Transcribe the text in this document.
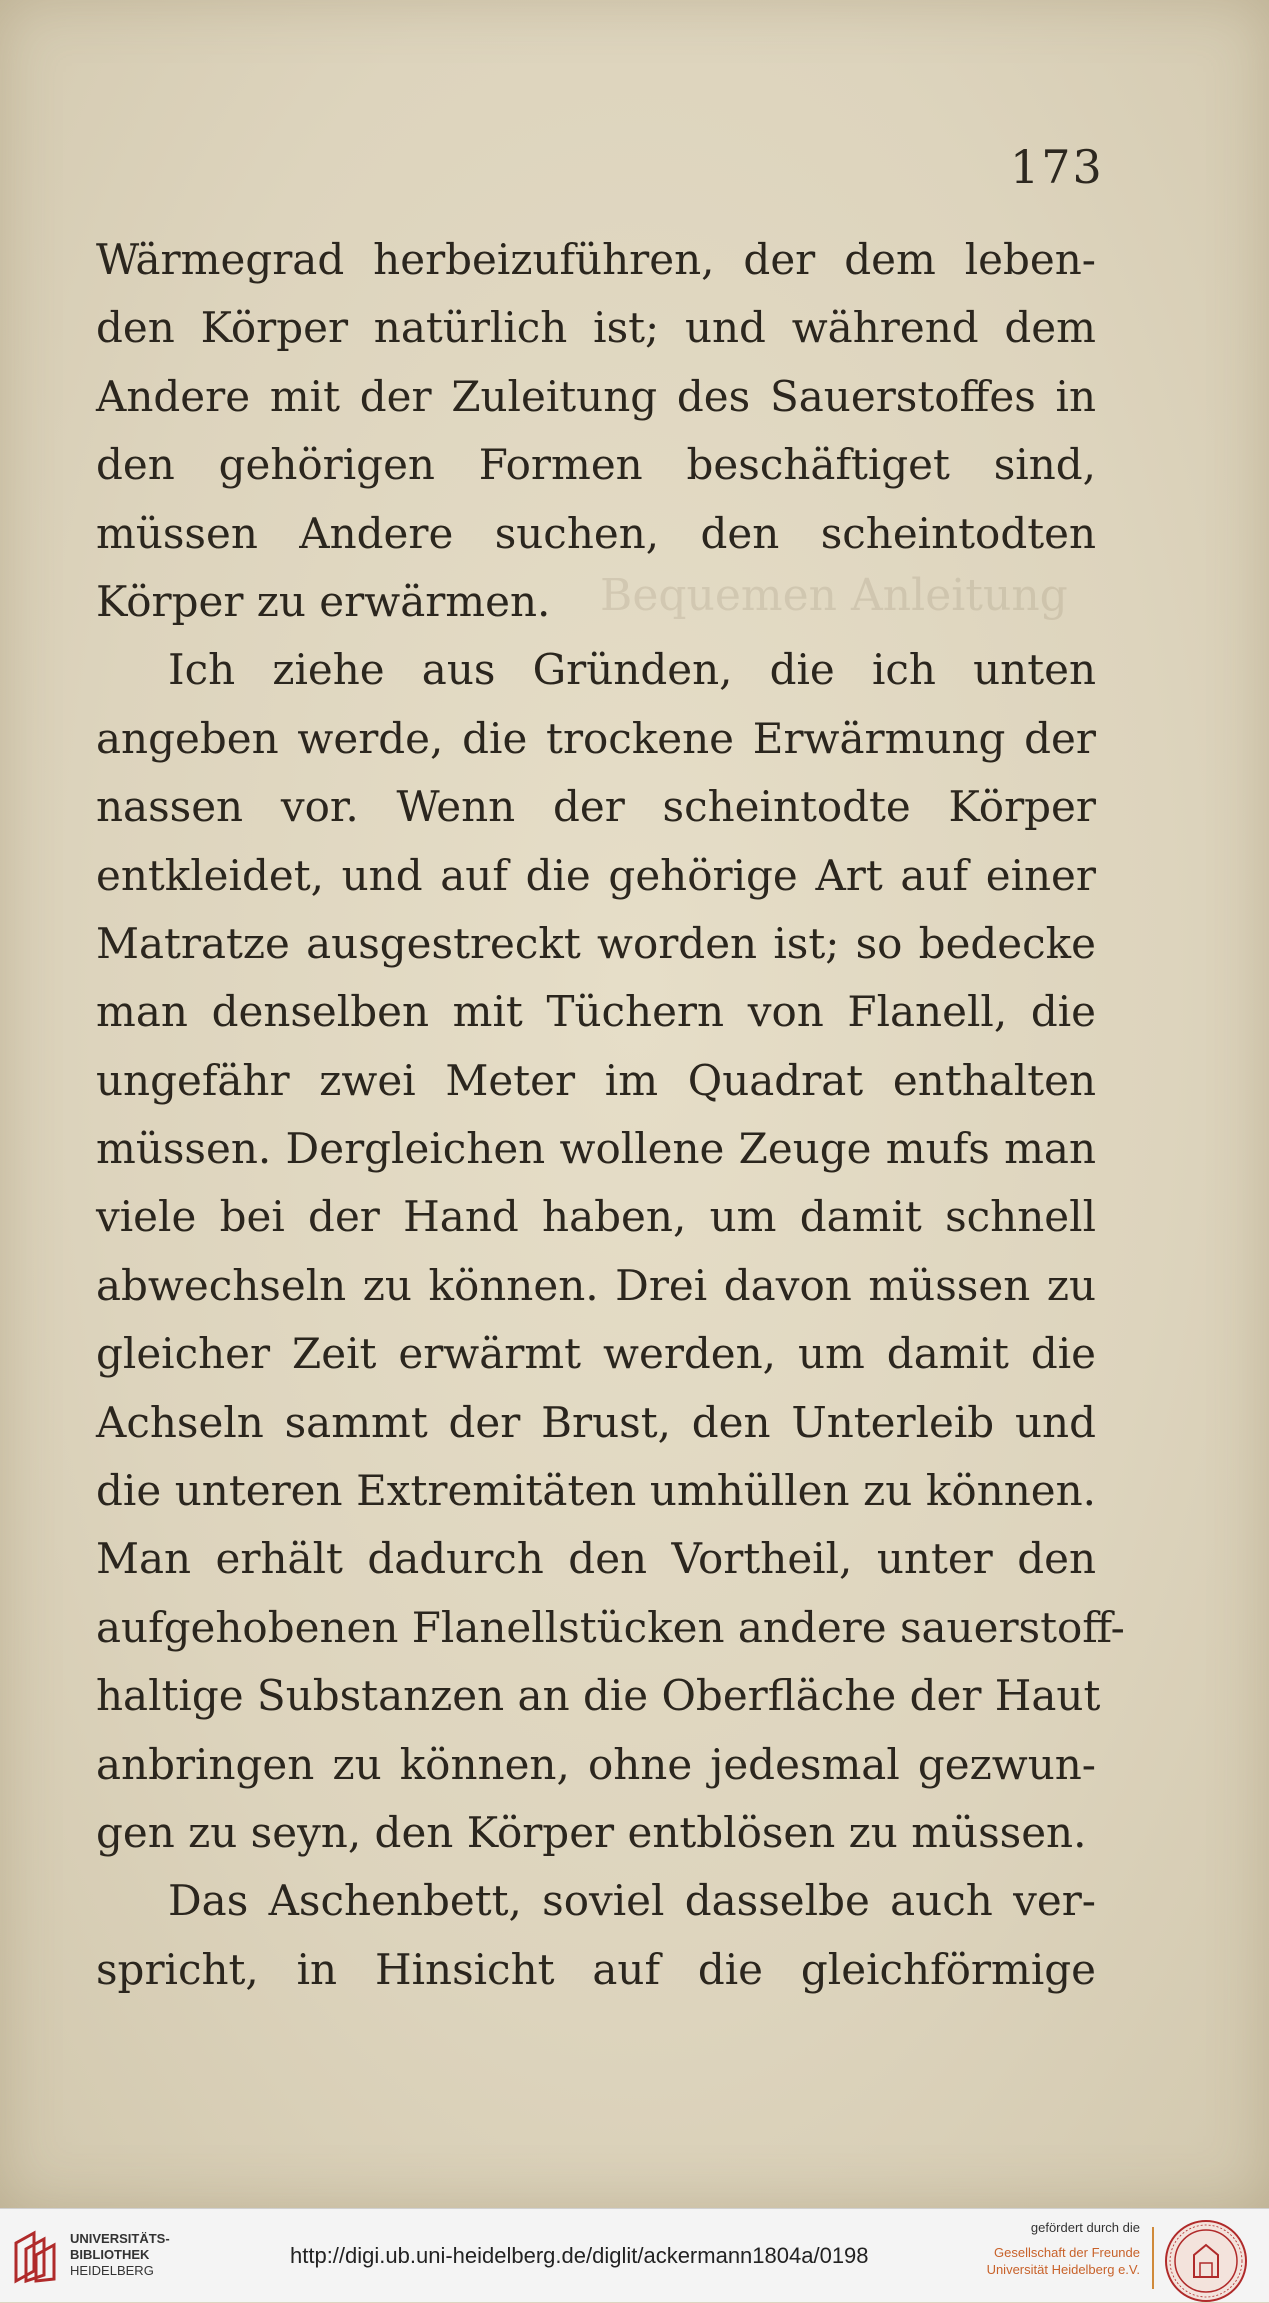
173
Bequemen Anleitung
Wärmegrad herbeizuführen, der dem leben-
den Körper natürlich ist; und während dem
Andere mit der Zuleitung des Sauerstoffes in
den gehörigen Formen beschäftiget sind,
müssen Andere suchen, den scheintodten
Körper zu erwärmen.
Ich ziehe aus Gründen, die ich unten
angeben werde, die trockene Erwärmung der
nassen vor. Wenn der scheintodte Körper
entkleidet, und auf die gehörige Art auf einer
Matratze ausgestreckt worden ist; so bedecke
man denselben mit Tüchern von Flanell, die
ungefähr zwei Meter im Quadrat enthalten
müssen. Dergleichen wollene Zeuge mufs man
viele bei der Hand haben, um damit schnell
abwechseln zu können. Drei davon müssen zu
gleicher Zeit erwärmt werden, um damit die
Achseln sammt der Brust, den Unterleib und
die unteren Extremitäten umhüllen zu können.
Man erhält dadurch den Vortheil, unter den
aufgehobenen Flanellstücken andere sauerstoff-
haltige Substanzen an die Oberfläche der Haut
anbringen zu können, ohne jedesmal gezwun-
gen zu seyn, den Körper entblösen zu müssen.
Das Aschenbett, soviel dasselbe auch ver-
spricht, in Hinsicht auf die gleichförmige
UNIVERSITÄTS-
BIBLIOTHEK
HEIDELBERG
http://digi.ub.uni-heidelberg.de/diglit/ackermann1804a/0198
gefördert durch die
Gesellschaft der Freunde
Universität Heidelberg e.V.
